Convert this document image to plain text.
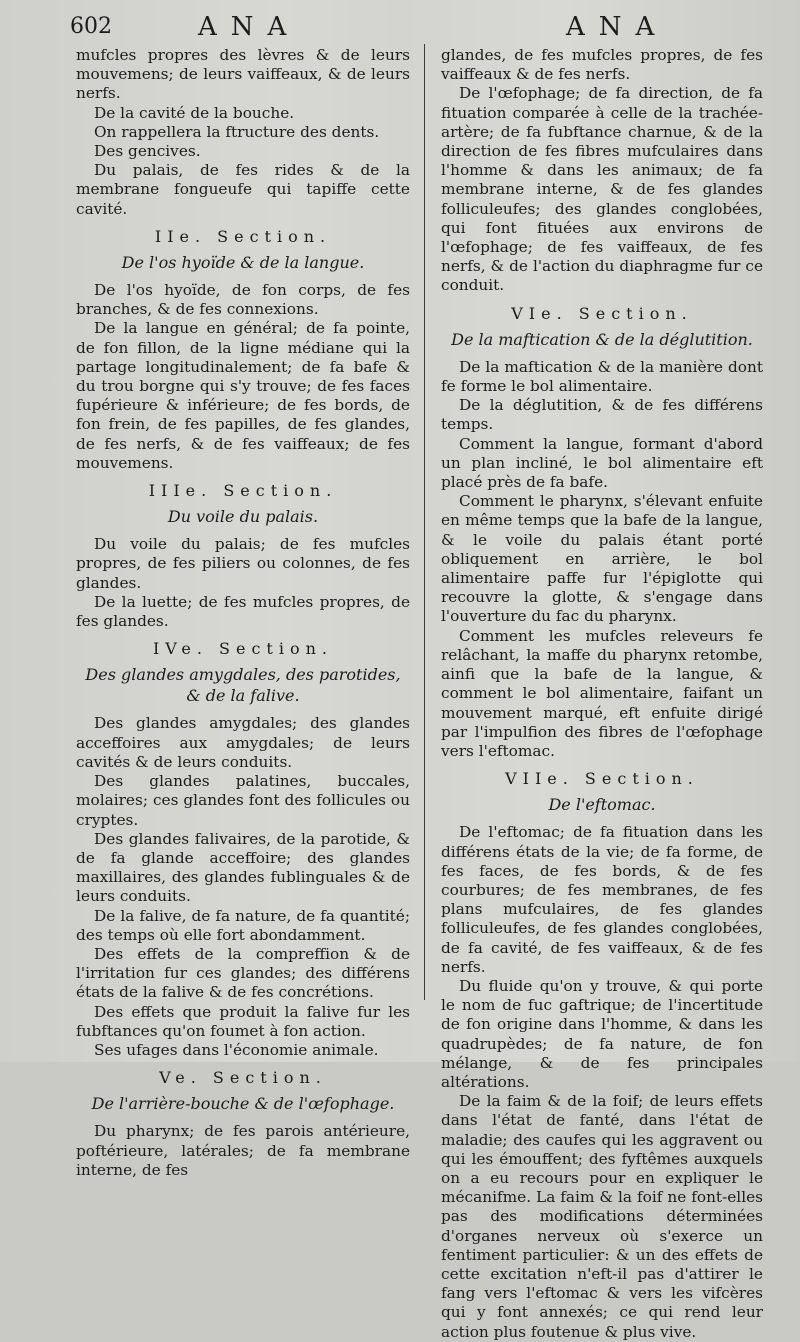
602	ANA	ANA

mufcles propres des lèvres & de leurs mouvemens; de leurs vaiffeaux, & de leurs nerfs.

De la cavité de la bouche.

On rappellera la ftructure des dents.

Des gencives.

Du palais, de fes rides & de la membrane fongueufe qui tapiffe cette cavité.

IIe. Section.
De l'os hyoïde & de la langue.

De l'os hyoïde, de fon corps, de fes branches, & de fes connexions.

De la langue en général; de fa pointe, de fon fillon, de la ligne médiane qui la partage longitudinalement; de fa bafe & du trou borgne qui s'y trouve; de fes faces fupérieure & inférieure; de fes bords, de fon frein, de fes papilles, de fes glandes, de fes nerfs, & de fes vaiffeaux; de fes mouvemens.

IIIe. Section.
Du voile du palais.

Du voile du palais; de fes mufcles propres, de fes piliers ou colonnes, de fes glandes.

De la luette; de fes mufcles propres, de fes glandes.

IVe. Section.
Des glandes amygdales, des parotides, & de la falive.

Des glandes amygdales; des glandes acceffoires aux amygdales; de leurs cavités & de leurs conduits.

Des glandes palatines, buccales, molaires; ces glandes font des follicules ou cryptes.

Des glandes falivaires, de la parotide, & de fa glande acceffoire; des glandes maxillaires, des glandes fublinguales & de leurs conduits.

De la falive, de fa nature, de fa quantité; des temps où elle fort abondamment.

Des effets de la compreffion & de l'irritation fur ces glandes; des différens états de la falive & de fes concrétions.

Des effets que produit la falive fur les fubftances qu'on foumet à fon action.

Ses ufages dans l'économie animale.

Ve. Section.
De l'arrière-bouche & de l'œfophage.

Du pharynx; de fes parois antérieure, poftérieure, latérales; de fa membrane interne, de fes

glandes, de fes mufcles propres, de fes vaiffeaux & de fes nerfs.

De l'œfophage; de fa direction, de fa fituation comparée à celle de la trachée-artère; de fa fubftance charnue, & de la direction de fes fibres mufculaires dans l'homme & dans les animaux; de fa membrane interne, & de fes glandes folliculeufes; des glandes conglobées, qui font fituées aux environs de l'œfophage; de fes vaiffeaux, de fes nerfs, & de l'action du diaphragme fur ce conduit.

VIe. Section.
De la maftication & de la déglutition.

De la maftication & de la manière dont fe forme le bol alimentaire.

De la déglutition, & de fes différens temps.

Comment la langue, formant d'abord un plan incliné, le bol alimentaire eft placé près de fa bafe.

Comment le pharynx, s'élevant enfuite en même temps que la bafe de la langue, & le voile du palais étant porté obliquement en arrière, le bol alimentaire paffe fur l'épiglotte qui recouvre la glotte, & s'engage dans l'ouverture du fac du pharynx.

Comment les mufcles releveurs fe relâchant, la maffe du pharynx retombe, ainfi que la bafe de la langue, & comment le bol alimentaire, faifant un mouvement marqué, eft enfuite dirigé par l'impulfion des fibres de l'œfophage vers l'eftomac.

VIIe. Section.
De l'eftomac.

De l'eftomac; de fa fituation dans les différens états de la vie; de fa forme, de fes faces, de fes bords, & de fes courbures; de fes membranes, de fes plans mufculaires, de fes glandes folliculeufes, de fes glandes conglobées, de fa cavité, de fes vaiffeaux, & de fes nerfs.

Du fluide qu'on y trouve, & qui porte le nom de fuc gaftrique; de l'incertitude de fon origine dans l'homme, & dans les quadrupèdes; de fa nature, de fon mélange, & de fes principales altérations.

De la faim & de la foif; de leurs effets dans l'état de fanté, dans l'état de maladie; des caufes qui les aggravent ou qui les émouffent; des fyftêmes auxquels on a eu recours pour en expliquer le mécanifme. La faim & la foif ne font-elles pas des modifications déterminées d'organes nerveux où s'exerce un fentiment particulier: & un des effets de cette excitation n'eft-il pas d'attirer le fang vers l'eftomac & vers les vifcères qui y font annexés; ce qui rend leur action plus foutenue & plus vive.
